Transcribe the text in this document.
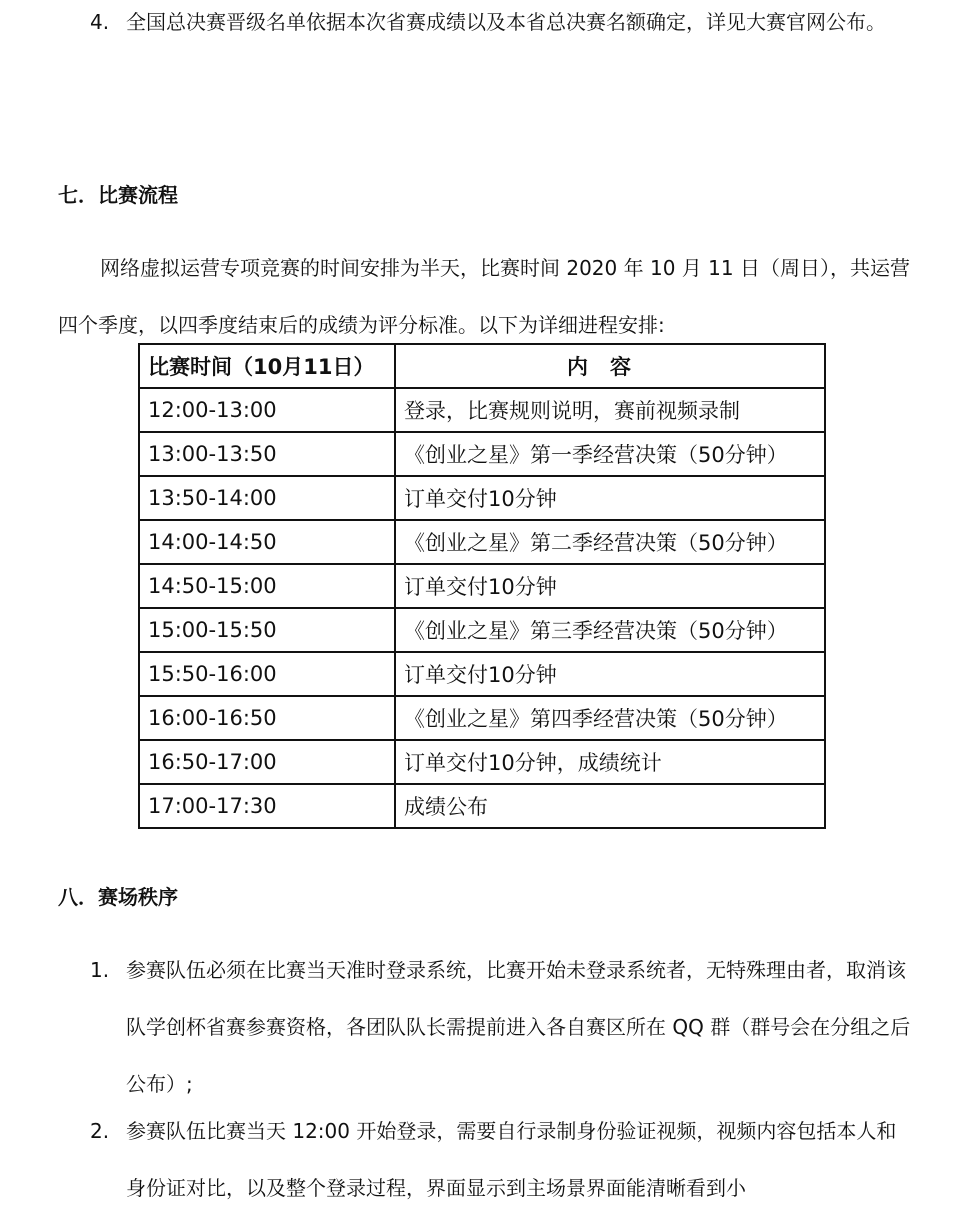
4. 全国总决赛晋级名单依据本次省赛成绩以及本省总决赛名额确定，详见大赛官网公布。
七．比赛流程
网络虚拟运营专项竞赛的时间安排为半天，比赛时间 2020 年 10 月 11 日（周日），共运营四个季度，以四季度结束后的成绩为评分标准。以下为详细进程安排:
比赛时间（10月11日）	内容
12:00-13:00	登录，比赛规则说明，赛前视频录制
13:00-13:50	《创业之星》第一季经营决策（50分钟）
13:50-14:00	订单交付10分钟
14:00-14:50	《创业之星》第二季经营决策（50分钟）
14:50-15:00	订单交付10分钟
15:00-15:50	《创业之星》第三季经营决策（50分钟）
15:50-16:00	订单交付10分钟
16:00-16:50	《创业之星》第四季经营决策（50分钟）
16:50-17:00	订单交付10分钟，成绩统计
17:00-17:30	成绩公布
八．赛场秩序
1. 参赛队伍必须在比赛当天准时登录系统，比赛开始未登录系统者，无特殊理由者，取消该队学创杯省赛参赛资格，各团队队长需提前进入各自赛区所在 QQ 群（群号会在分组之后公布）;
2. 参赛队伍比赛当天 12:00 开始登录，需要自行录制身份验证视频，视频内容包括本人和身份证对比，以及整个登录过程，界面显示到主场景界面能清晰看到小
